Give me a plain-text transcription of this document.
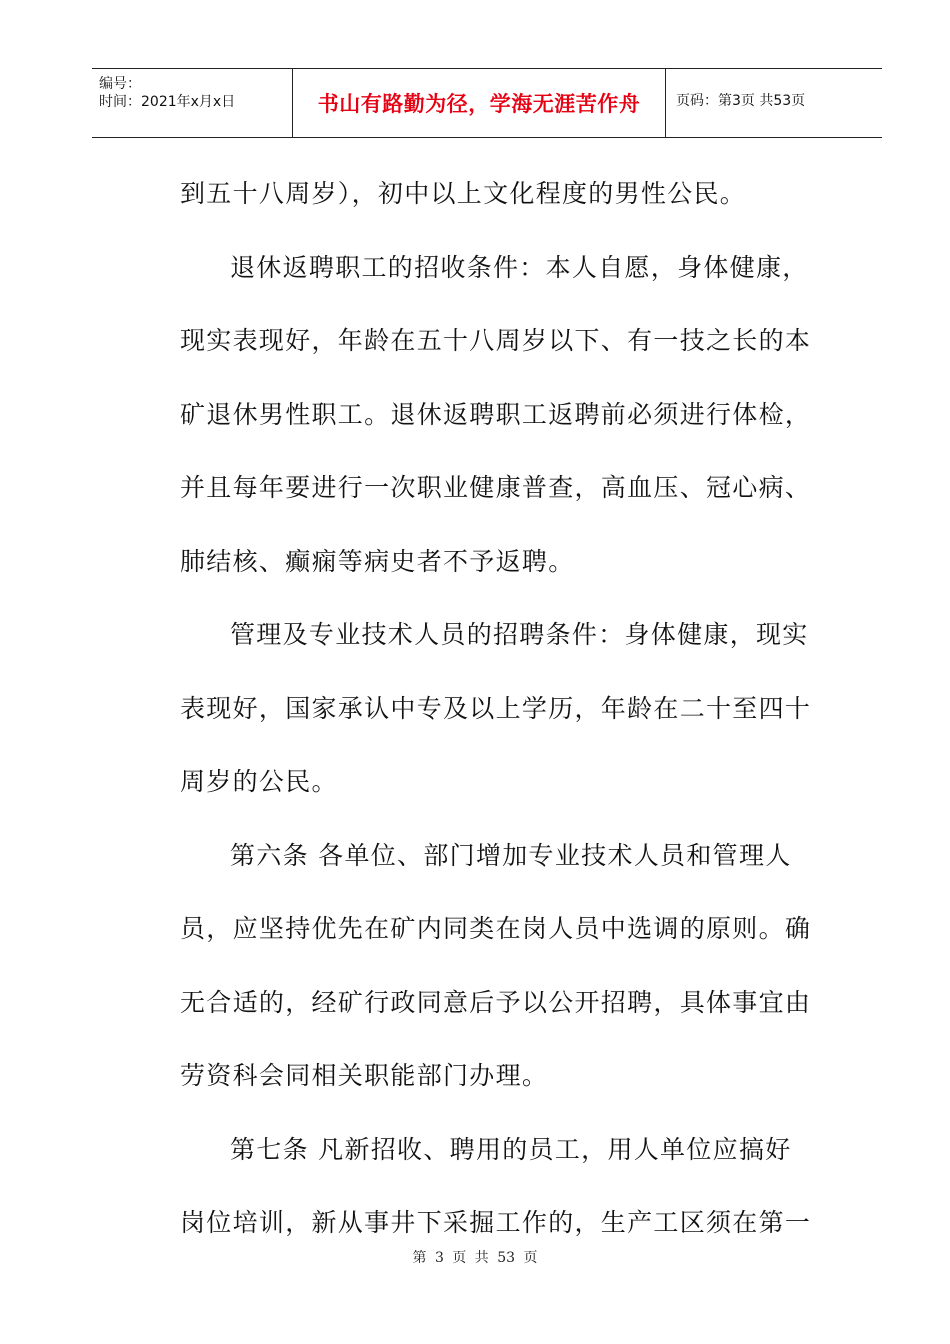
编号：
时间：2021年x月x日	书山有路勤为径，学海无涯苦作舟	页码：第3页 共53页
到五十八周岁），初中以上文化程度的男性公民。
退休返聘职工的招收条件：本人自愿，身体健康，
现实表现好，年龄在五十八周岁以下、有一技之长的本
矿退休男性职工。退休返聘职工返聘前必须进行体检，
并且每年要进行一次职业健康普查，高血压、冠心病、
肺结核、癫痫等病史者不予返聘。
管理及专业技术人员的招聘条件：身体健康，现实
表现好，国家承认中专及以上学历，年龄在二十至四十
周岁的公民。
第六条 各单位、部门增加专业技术人员和管理人
员，应坚持优先在矿内同类在岗人员中选调的原则。确
无合适的，经矿行政同意后予以公开招聘，具体事宜由
劳资科会同相关职能部门办理。
第七条 凡新招收、聘用的员工，用人单位应搞好
岗位培训，新从事井下采掘工作的，生产工区须在第一
第 3 页 共 53 页
